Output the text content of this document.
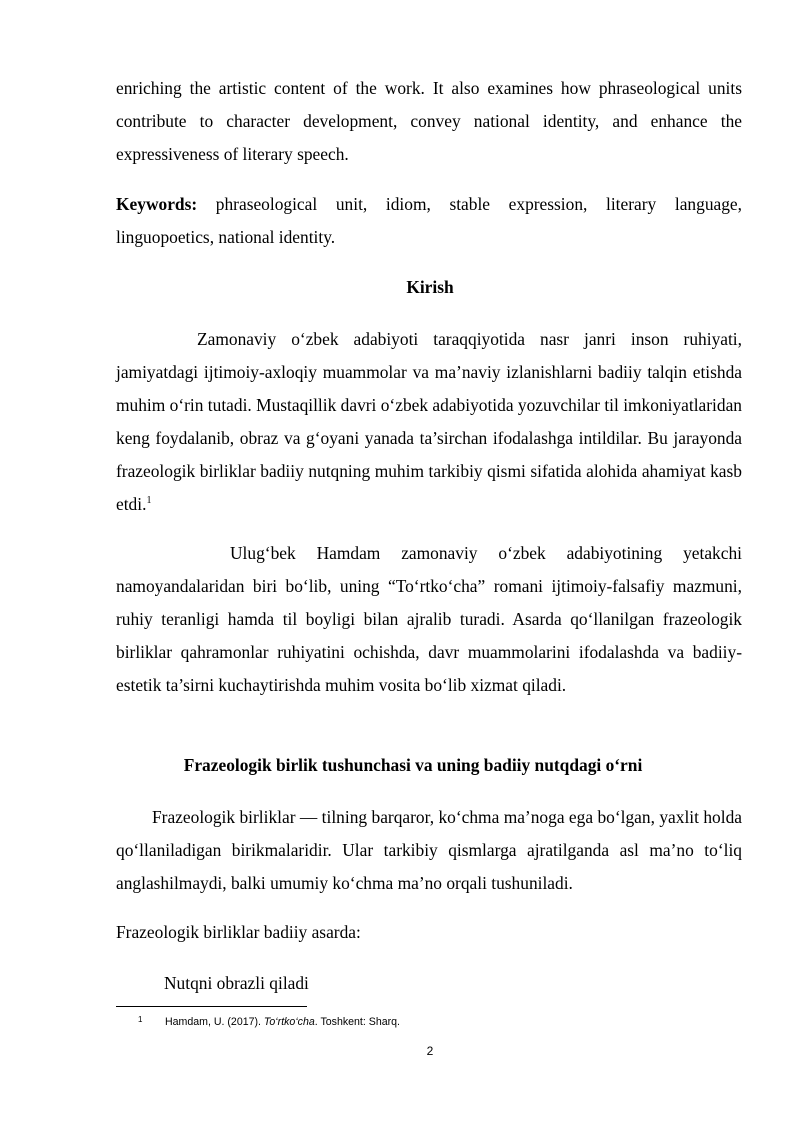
enriching the artistic content of the work. It also examines how phraseological units contribute to character development, convey national identity, and enhance the expressiveness of literary speech.
Keywords: phraseological unit, idiom, stable expression, literary language, linguopoetics, national identity.
Kirish
Zamonaviy o‘zbek adabiyoti taraqqiyotida nasr janri inson ruhiyati, jamiyatdagi ijtimoiy-axloqiy muammolar va ma’naviy izlanishlarni badiiy talqin etishda muhim o‘rin tutadi. Mustaqillik davri o‘zbek adabiyotida yozuvchilar til imkoniyatlaridan keng foydalanib, obraz va g‘oyani yanada ta’sirchan ifodalashga intildilar. Bu jarayonda frazeologik birliklar badiiy nutqning muhim tarkibiy qismi sifatida alohida ahamiyat kasb etdi.$^1$
Ulug‘bek Hamdam zamonaviy o‘zbek adabiyotining yetakchi namoyandalaridan biri bo‘lib, uning “To‘rtko‘cha” romani ijtimoiy-falsafiy mazmuni, ruhiy teranligi hamda til boyligi bilan ajralib turadi. Asarda qo‘llanilgan frazeologik birliklar qahramonlar ruhiyatini ochishda, davr muammolarini ifodalashda va badiiy-estetik ta’sirni kuchaytirishda muhim vosita bo‘lib xizmat qiladi.
Frazeologik birlik tushunchasi va uning badiiy nutqdagi o‘rni
Frazeologik birliklar — tilning barqaror, ko‘chma ma’noga ega bo‘lgan, yaxlit holda qo‘llaniladigan birikmalaridir. Ular tarkibiy qismlarga ajratilganda asl ma’no to‘liq anglashilmaydi, balki umumiy ko‘chma ma’no orqali tushuniladi.
Frazeologik birliklar badiiy asarda:
Nutqni obrazli qiladi
1 Hamdam, U. (2017). To‘rtko‘cha. Toshkent: Sharq.
2
